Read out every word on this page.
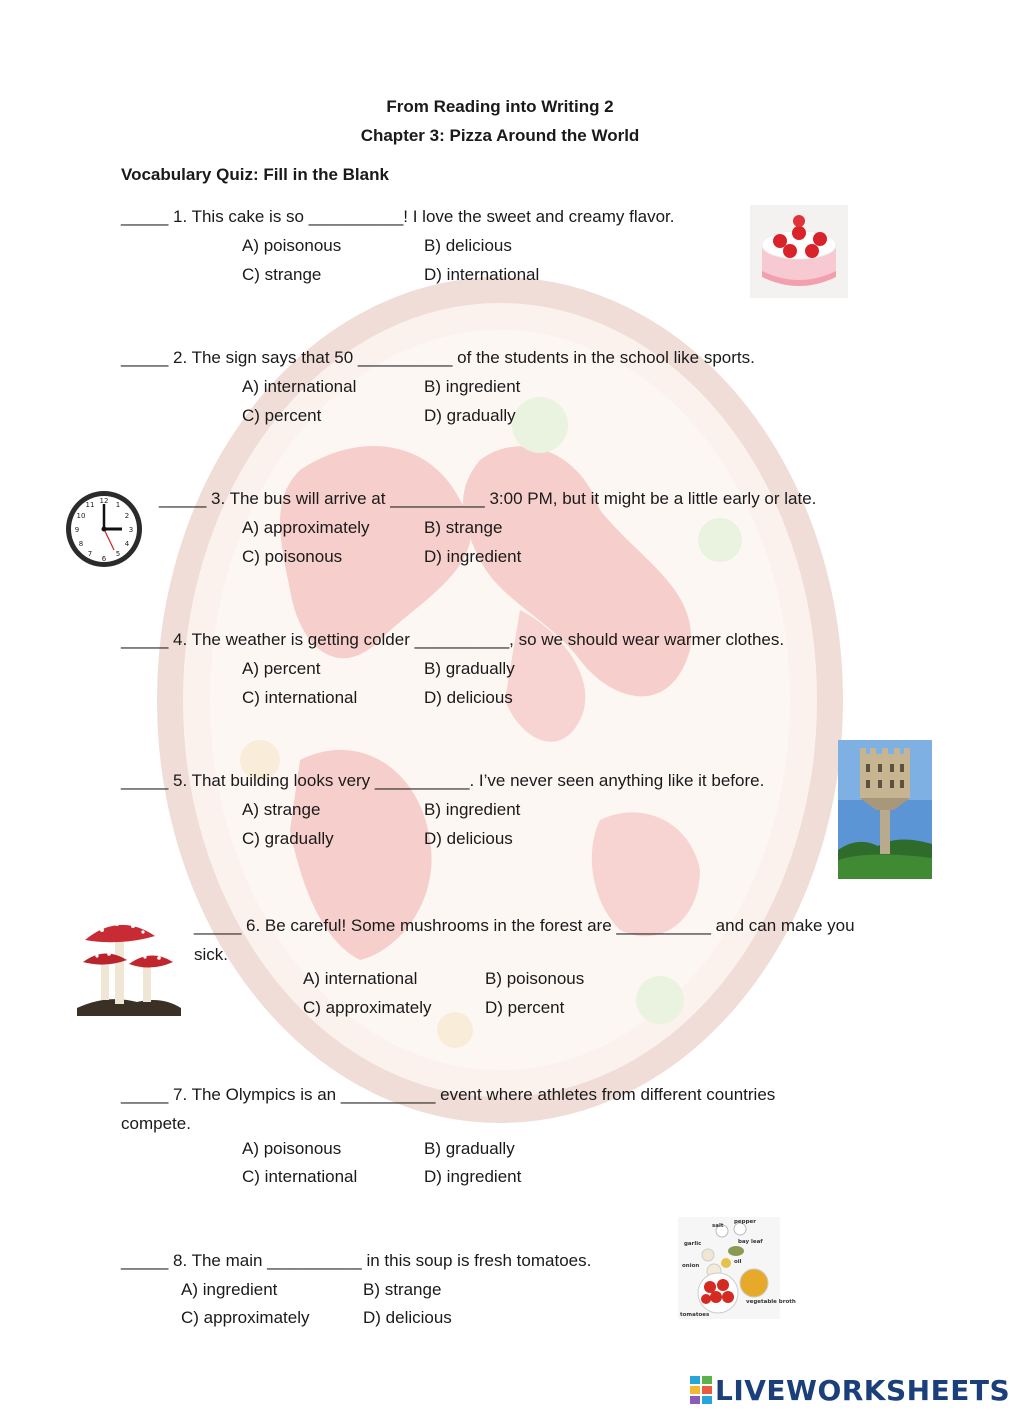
From Reading into Writing 2
Chapter 3: Pizza Around the World
Vocabulary Quiz: Fill in the Blank
_____ 1. This cake is so __________! I love the sweet and creamy flavor.
A) poisonous	B) delicious
C) strange	D) international
_____ 2. The sign says that 50 __________ of the students in the school like sports.
A) international	B) ingredient
C) percent	D) gradually
12
3
6
9
1
2
4
5
7
8
10
11	_____ 3. The bus will arrive at __________ 3:00 PM, but it might be a little early or late.
A) approximately	B) strange
C) poisonous	D) ingredient
_____ 4. The weather is getting colder __________, so we should wear warmer clothes.
A) percent	B) gradually
C) international	D) delicious
_____ 5. That building looks very __________. I’ve never seen anything like it before.
A) strange	B) ingredient
C) gradually	D) delicious
_____ 6. Be careful! Some mushrooms in the forest are __________ and can make you sick.
A) international	B) poisonous
C) approximately	D) percent
_____ 7. The Olympics is an __________ event where athletes from different countries compete.
A) poisonous	B) gradually
C) international	D) ingredient
_____ 8. The main __________ in this soup is fresh tomatoes.
A) ingredient	B) strange
C) approximately	D) delicious
salt
pepper
garlic	bay leaf
oil
onion
vegetable broth
tomatoes
LIVEWORKSHEETS
